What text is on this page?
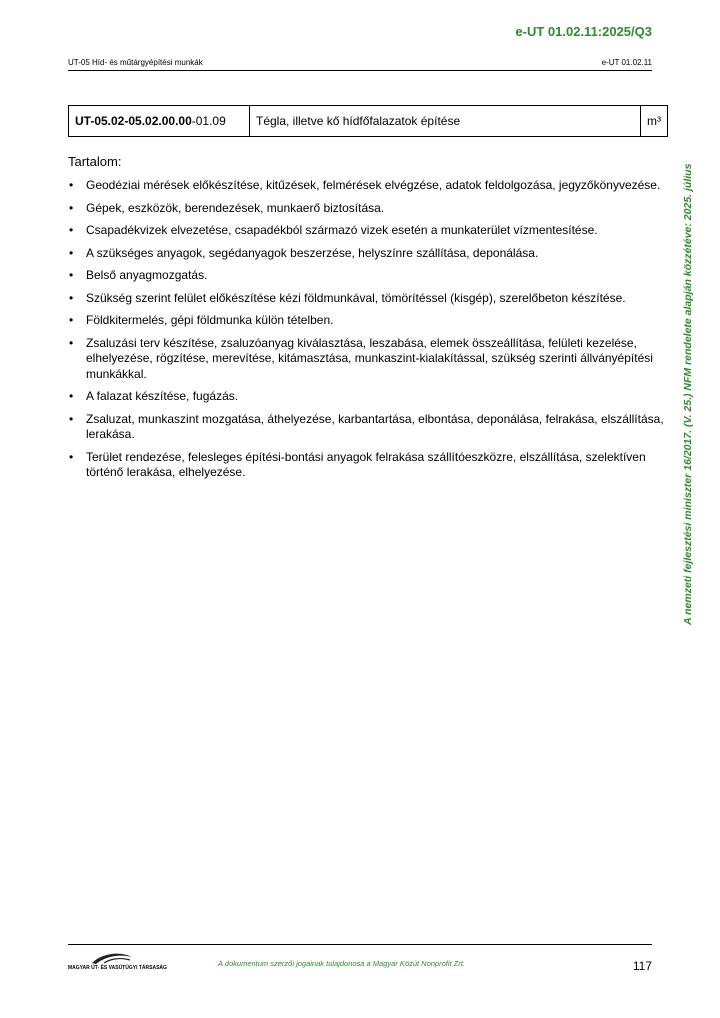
e-UT 01.02.11:2025/Q3
UT-05 Híd- és műtárgyépítési munkák	e-UT 01.02.11
A nemzeti fejlesztési miniszter 16/2017. (V. 25.) NFM rendelete alapján közzétéve: 2025. július
UT-05.02-05.02.00.00-01.09	Tégla, illetve kő hídfőfalazatok építése	m³
Tartalom:
• Geodéziai mérések előkészítése, kitűzések, felmérések elvégzése, adatok feldolgozása, jegyzőkönyvezése.
• Gépek, eszközök, berendezések, munkaerő biztosítása.
• Csapadékvizek elvezetése, csapadékból származó vizek esetén a munkaterület vízmentesítése.
• A szükséges anyagok, segédanyagok beszerzése, helyszínre szállítása, deponálása.
• Belső anyagmozgatás.
• Szükség szerint felület előkészítése kézi földmunkával, tömörítéssel (kisgép), szerelőbeton készítése.
• Földkitermelés, gépi földmunka külön tételben.
• Zsaluzási terv készítése, zsaluzóanyag kiválasztása, leszabása, elemek összeállítása, felületi kezelése, elhelyezése, rögzítése, merevítése, kitámasztása, munkaszint-kialakítással, szükség szerinti állványépítési munkákkal.
• A falazat készítése, fugázás.
• Zsaluzat, munkaszint mozgatása, áthelyezése, karbantartása, elbontása, deponálása, felrakása, elszállítása, lerakása.
• Terület rendezése, felesleges építési-bontási anyagok felrakása szállítóeszközre, elszállítása, szelektíven történő lerakása, elhelyezése.
MAGYAR ÚT- ÉS VASÚTÜGYI TÁRSASÁG	A dokumentum szerzői jogainak tulajdonosa a Magyar Közút Nonprofit Zrt.	117
